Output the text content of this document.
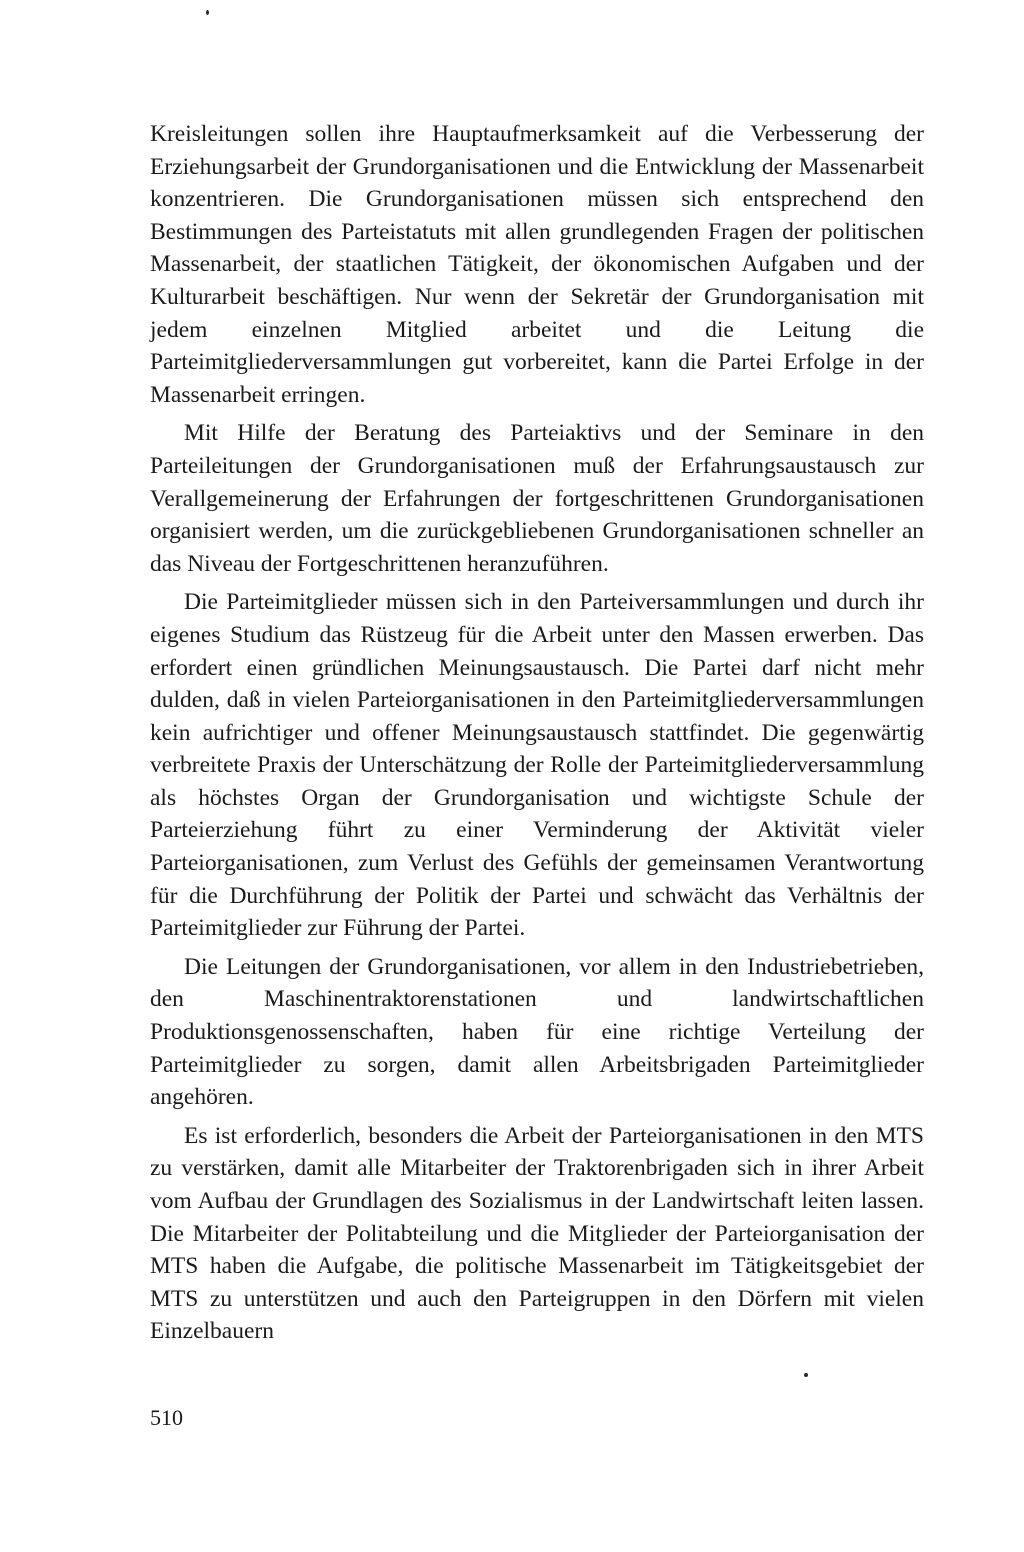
Kreisleitungen sollen ihre Hauptaufmerksamkeit auf die Verbesserung der Erziehungsarbeit der Grundorganisationen und die Entwicklung der Massenarbeit konzentrieren. Die Grundorganisationen müssen sich entsprechend den Bestimmungen des Parteistatuts mit allen grundlegenden Fragen der politischen Massenarbeit, der staatlichen Tätigkeit, der ökonomischen Aufgaben und der Kulturarbeit beschäftigen. Nur wenn der Sekretär der Grundorganisation mit jedem einzelnen Mitglied arbeitet und die Leitung die Parteimitgliederversammlungen gut vorbereitet, kann die Partei Erfolge in der Massenarbeit erringen.

Mit Hilfe der Beratung des Parteiaktivs und der Seminare in den Parteileitungen der Grundorganisationen muß der Erfahrungsaustausch zur Verallgemeinerung der Erfahrungen der fortgeschrittenen Grundorganisationen organisiert werden, um die zurückgebliebenen Grundorganisationen schneller an das Niveau der Fortgeschrittenen heranzuführen.

Die Parteimitglieder müssen sich in den Parteiversammlungen und durch ihr eigenes Studium das Rüstzeug für die Arbeit unter den Massen erwerben. Das erfordert einen gründlichen Meinungsaustausch. Die Partei darf nicht mehr dulden, daß in vielen Parteiorganisationen in den Parteimitgliederversammlungen kein aufrichtiger und offener Meinungsaustausch stattfindet. Die gegenwärtig verbreitete Praxis der Unterschätzung der Rolle der Parteimitgliederversammlung als höchstes Organ der Grundorganisation und wichtigste Schule der Parteierziehung führt zu einer Verminderung der Aktivität vieler Parteiorganisationen, zum Verlust des Gefühls der gemeinsamen Verantwortung für die Durchführung der Politik der Partei und schwächt das Verhältnis der Parteimitglieder zur Führung der Partei.

Die Leitungen der Grundorganisationen, vor allem in den Industriebetrieben, den Maschinentraktorenstationen und landwirtschaftlichen Produktionsgenossenschaften, haben für eine richtige Verteilung der Parteimitglieder zu sorgen, damit allen Arbeitsbrigaden Parteimitglieder angehören.

Es ist erforderlich, besonders die Arbeit der Parteiorganisationen in den MTS zu verstärken, damit alle Mitarbeiter der Traktorenbrigaden sich in ihrer Arbeit vom Aufbau der Grundlagen des Sozialismus in der Landwirtschaft leiten lassen. Die Mitarbeiter der Politabteilung und die Mitglieder der Parteiorganisation der MTS haben die Aufgabe, die politische Massenarbeit im Tätigkeitsgebiet der MTS zu unterstützen und auch den Parteigruppen in den Dörfern mit vielen Einzelbauern

510
